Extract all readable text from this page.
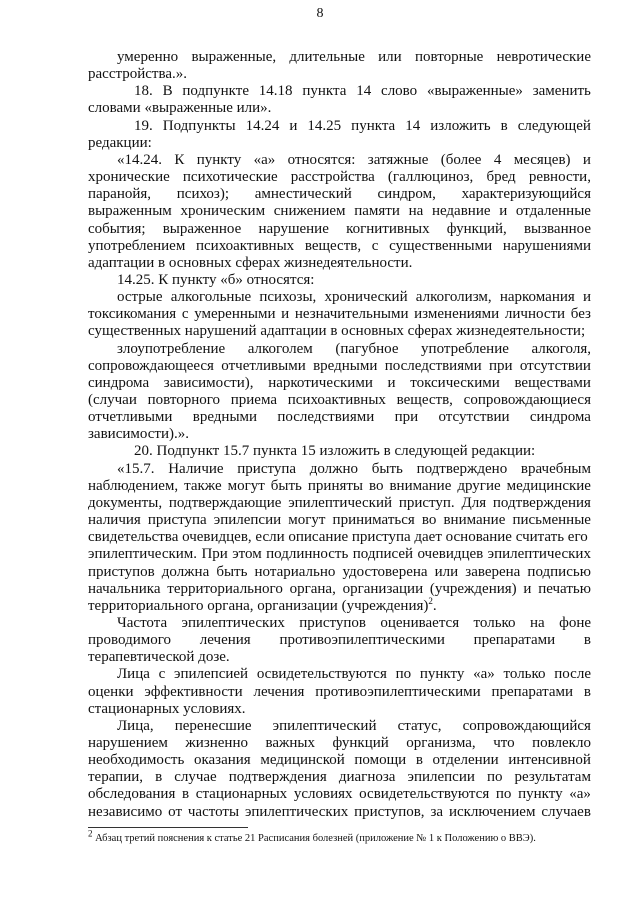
8
умеренно выраженные, длительные или повторные невротические
расстройства.».
18. В подпункте 14.18 пункта 14 слово «выраженные» заменить
словами «выраженные или».
19. Подпункты 14.24 и 14.25 пункта 14 изложить в следующей
редакции:
«14.24. К пункту «а» относятся: затяжные (более 4 месяцев) и
хронические психотические расстройства (галлюциноз, бред ревности,
паранойя, психоз); амнестический синдром, характеризующийся
выраженным хроническим снижением памяти на недавние и отдаленные
события; выраженное нарушение когнитивных функций, вызванное
употреблением психоактивных веществ, с существенными нарушениями
адаптации в основных сферах жизнедеятельности.
14.25. К пункту «б» относятся:
острые алкогольные психозы, хронический алкоголизм, наркомания и
токсикомания с умеренными и незначительными изменениями личности без
существенных нарушений адаптации в основных сферах жизнедеятельности;
злоупотребление алкоголем (пагубное употребление алкоголя,
сопровождающееся отчетливыми вредными последствиями при отсутствии
синдрома зависимости), наркотическими и токсическими веществами
(случаи повторного приема психоактивных веществ, сопровождающиеся
отчетливыми вредными последствиями при отсутствии синдрома
зависимости).».
20. Подпункт 15.7 пункта 15 изложить в следующей редакции:
«15.7. Наличие приступа должно быть подтверждено врачебным
наблюдением, также могут быть приняты во внимание другие медицинские
документы, подтверждающие эпилептический приступ. Для подтверждения
наличия приступа эпилепсии могут приниматься во внимание письменные
свидетельства очевидцев, если описание приступа дает основание считать его
эпилептическим. При этом подлинность подписей очевидцев эпилептических
приступов должна быть нотариально удостоверена или заверена подписью
начальника территориального органа, организации (учреждения) и печатью
территориального органа, организации (учреждения)$^2$.
Частота эпилептических приступов оценивается только на фоне
проводимого лечения противоэпилептическими препаратами в
терапевтической дозе.
Лица с эпилепсией освидетельствуются по пункту «а» только после
оценки эффективности лечения противоэпилептическими препаратами в
стационарных условиях.
Лица, перенесшие эпилептический статус, сопровождающийся
нарушением жизненно важных функций организма, что повлекло
необходимость оказания медицинской помощи в отделении интенсивной
терапии, в случае подтверждения диагноза эпилепсии по результатам
обследования в стационарных условиях освидетельствуются по пункту «а»
независимо от частоты эпилептических приступов, за исключением случаев
$^2$ Абзац третий пояснения к статье 21 Расписания болезней (приложение № 1 к Положению о ВВЭ).
